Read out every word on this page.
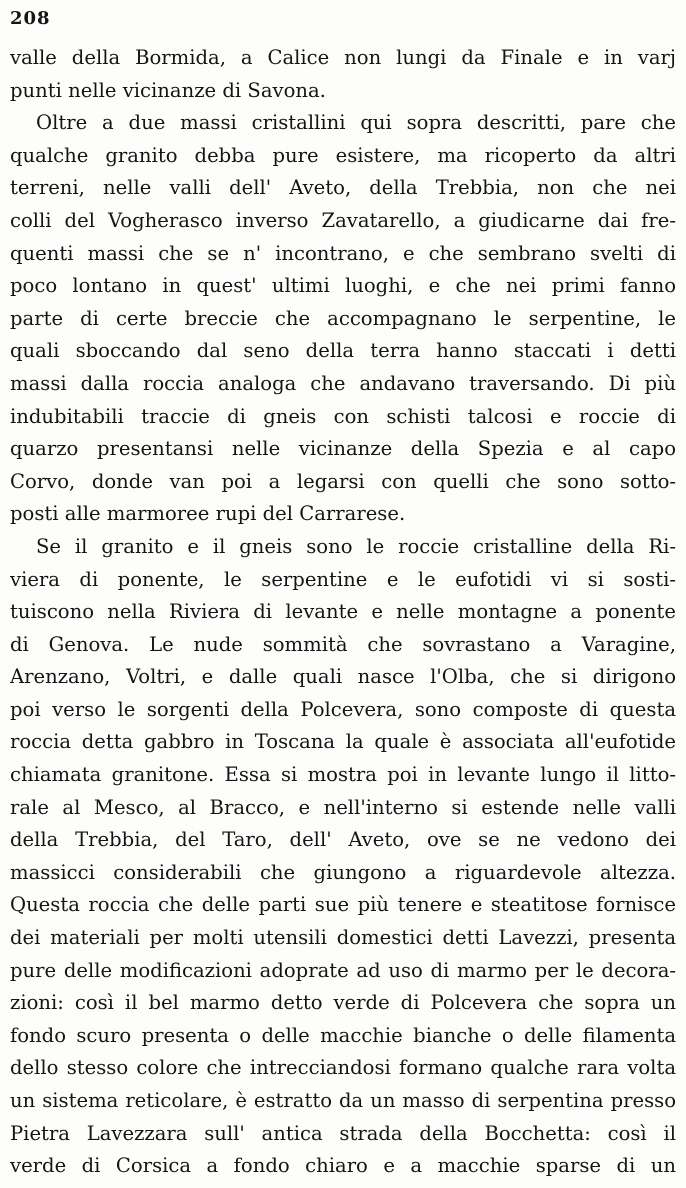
208
valle della Bormida, a Calice non lungi da Finale e in varj
punti nelle vicinanze di Savona.
Oltre a due massi cristallini qui sopra descritti, pare che
qualche granito debba pure esistere, ma ricoperto da altri
terreni, nelle valli dell' Aveto, della Trebbia, non che nei
colli del Vogherasco inverso Zavatarello, a giudicarne dai fre-
quenti massi che se n' incontrano, e che sembrano svelti di
poco lontano in quest' ultimi luoghi, e che nei primi fanno
parte di certe breccie che accompagnano le serpentine, le
quali sboccando dal seno della terra hanno staccati i detti
massi dalla roccia analoga che andavano traversando. Di più
indubitabili traccie di gneis con schisti talcosi e roccie di
quarzo presentansi nelle vicinanze della Spezia e al capo
Corvo, donde van poi a legarsi con quelli che sono sotto-
posti alle marmoree rupi del Carrarese.
Se il granito e il gneis sono le roccie cristalline della Ri-
viera di ponente, le serpentine e le eufotidi vi si sosti-
tuiscono nella Riviera di levante e nelle montagne a ponente
di Genova. Le nude sommità che sovrastano a Varagine,
Arenzano, Voltri, e dalle quali nasce l'Olba, che si dirigono
poi verso le sorgenti della Polcevera, sono composte di questa
roccia detta gabbro in Toscana la quale è associata all'eufotide
chiamata granitone. Essa si mostra poi in levante lungo il litto-
rale al Mesco, al Bracco, e nell'interno si estende nelle valli
della Trebbia, del Taro, dell' Aveto, ove se ne vedono dei
massicci considerabili che giungono a riguardevole altezza.
Questa roccia che delle parti sue più tenere e steatitose fornisce
dei materiali per molti utensili domestici detti Lavezzi, presenta
pure delle modificazioni adoprate ad uso di marmo per le decora-
zioni: così il bel marmo detto verde di Polcevera che sopra un
fondo scuro presenta o delle macchie bianche o delle filamenta
dello stesso colore che intrecciandosi formano qualche rara volta
un sistema reticolare, è estratto da un masso di serpentina presso
Pietra Lavezzara sull' antica strada della Bocchetta: così il
verde di Corsica a fondo chiaro e a macchie sparse di un
